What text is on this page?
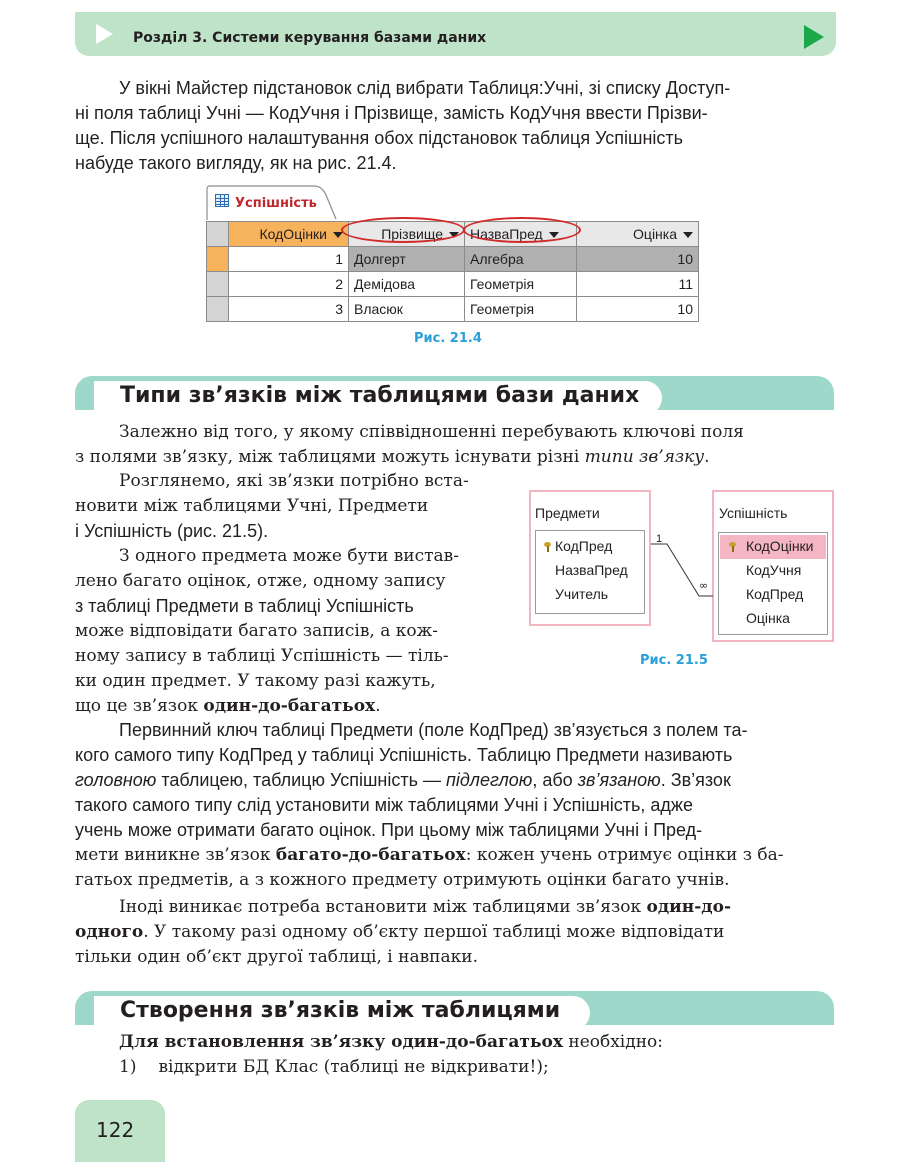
Розділ 3. Системи керування базами даних
У вікні Майстер підстановок слід вибрати Таблиця:Учні, зі списку Доступ-
ні поля таблиці Учні — КодУчня і Прізвище, замість КодУчня ввести Прізви-
ще. Після успішного налаштування обох підстановок таблиця Успішність
набуде такого вигляду, як на рис. 21.4.
Успішність
	КодОцінки	Прізвище	НазваПред	Оцінка
	1	Долгерт	Алгебра	10
	2	Демідова	Геометрія	11
	3	Власюк	Геометрія	10
Рис. 21.4
Типи зв’язків між таблицями бази даних
Залежно від того, у якому співвідношенні перебувають ключові поля
з полями зв’язку, між таблицями можуть існувати різні типи зв’язку.
Розглянемо, які зв’язки потрібно вста-
новити між таблицями Учні, Предмети
і Успішність (рис. 21.5).
З одного предмета може бути вистав-
лено багато оцінок, отже, одному запису
з таблиці Предмети в таблиці Успішність
може відповідати багато записів, а кож-
ному запису в таблиці Успішність — тіль-
ки один предмет. У такому разі кажуть,
що це зв’язок один-до-багатьох.
Предмети
КодПред
НазваПред
Учитель
Успішність
КодОцінки
КодУчня
КодПред
Оцінка
1
∞
Рис. 21.5
Первинний ключ таблиці Предмети (поле КодПред) зв’язується з полем та-
кого самого типу КодПред у таблиці Успішність. Таблицю Предмети називають
головною таблицею, таблицю Успішність — підлеглою, або зв’язаною. Зв’язок
такого самого типу слід установити між таблицями Учні і Успішність, адже
учень може отримати багато оцінок. При цьому між таблицями Учні і Пред-
мети виникне зв’язок багато-до-багатьох: кожен учень отримує оцінки з ба-
гатьох предметів, а з кожного предмету отримують оцінки багато учнів.
Іноді виникає потреба встановити між таблицями зв’язок один-до-
одного. У такому разі одному об’єкту першої таблиці може відповідати
тільки один об’єкт другої таблиці, і навпаки.
Створення зв’язків між таблицями
Для встановлення зв’язку один-до-багатьох необхідно:
1) відкрити БД Клас (таблиці не відкривати!);
122
